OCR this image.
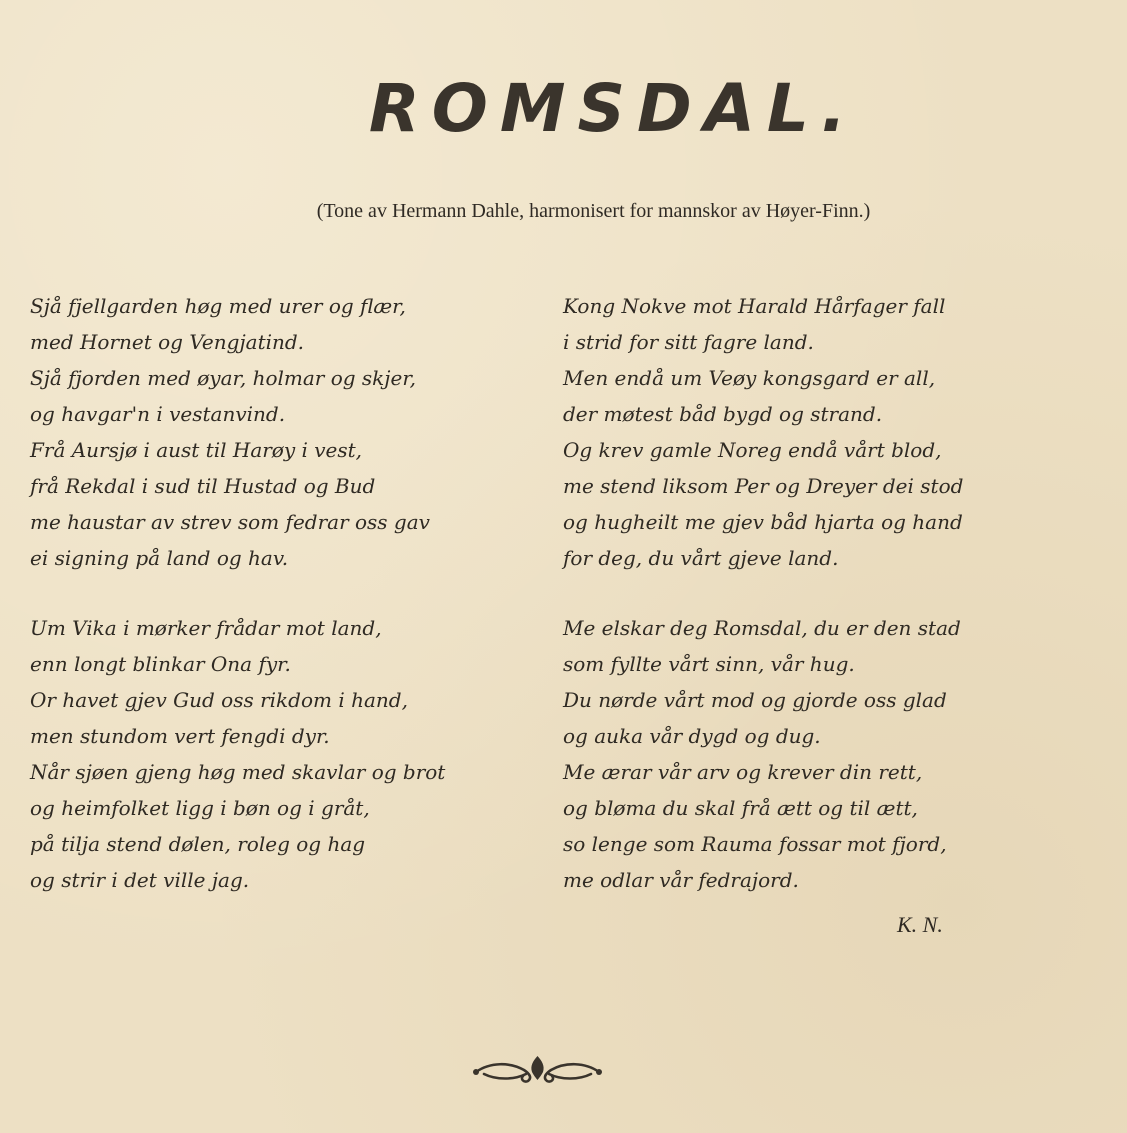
ROMSDAL.
(Tone av Hermann Dahle, harmonisert for mannskor av Høyer-Finn.)
Sjå fjellgarden høg med urer og flær,
med Hornet og Vengjatind.
Sjå fjorden med øyar, holmar og skjer,
og havgar'n i vestanvind.
Frå Aursjø i aust til Harøy i vest,
frå Rekdal i sud til Hustad og Bud
me haustar av strev som fedrar oss gav
ei signing på land og hav.
Um Vika i mørker frådar mot land,
enn longt blinkar Ona fyr.
Or havet gjev Gud oss rikdom i hand,
men stundom vert fengdi dyr.
Når sjøen gjeng høg med skavlar og brot
og heimfolket ligg i bøn og i gråt,
på tilja stend dølen, roleg og hag
og strir i det ville jag.
Kong Nokve mot Harald Hårfager fall
i strid for sitt fagre land.
Men endå um Veøy kongsgard er all,
der møtest båd bygd og strand.
Og krev gamle Noreg endå vårt blod,
me stend liksom Per og Dreyer dei stod
og hugheilt me gjev båd hjarta og hand
for deg, du vårt gjeve land.
Me elskar deg Romsdal, du er den stad
som fyllte vårt sinn, vår hug.
Du nørde vårt mod og gjorde oss glad
og auka vår dygd og dug.
Me ærar vår arv og krever din rett,
og bløma du skal frå ætt og til ætt,
so lenge som Rauma fossar mot fjord,
me odlar vår fedrajord.
K. N.
